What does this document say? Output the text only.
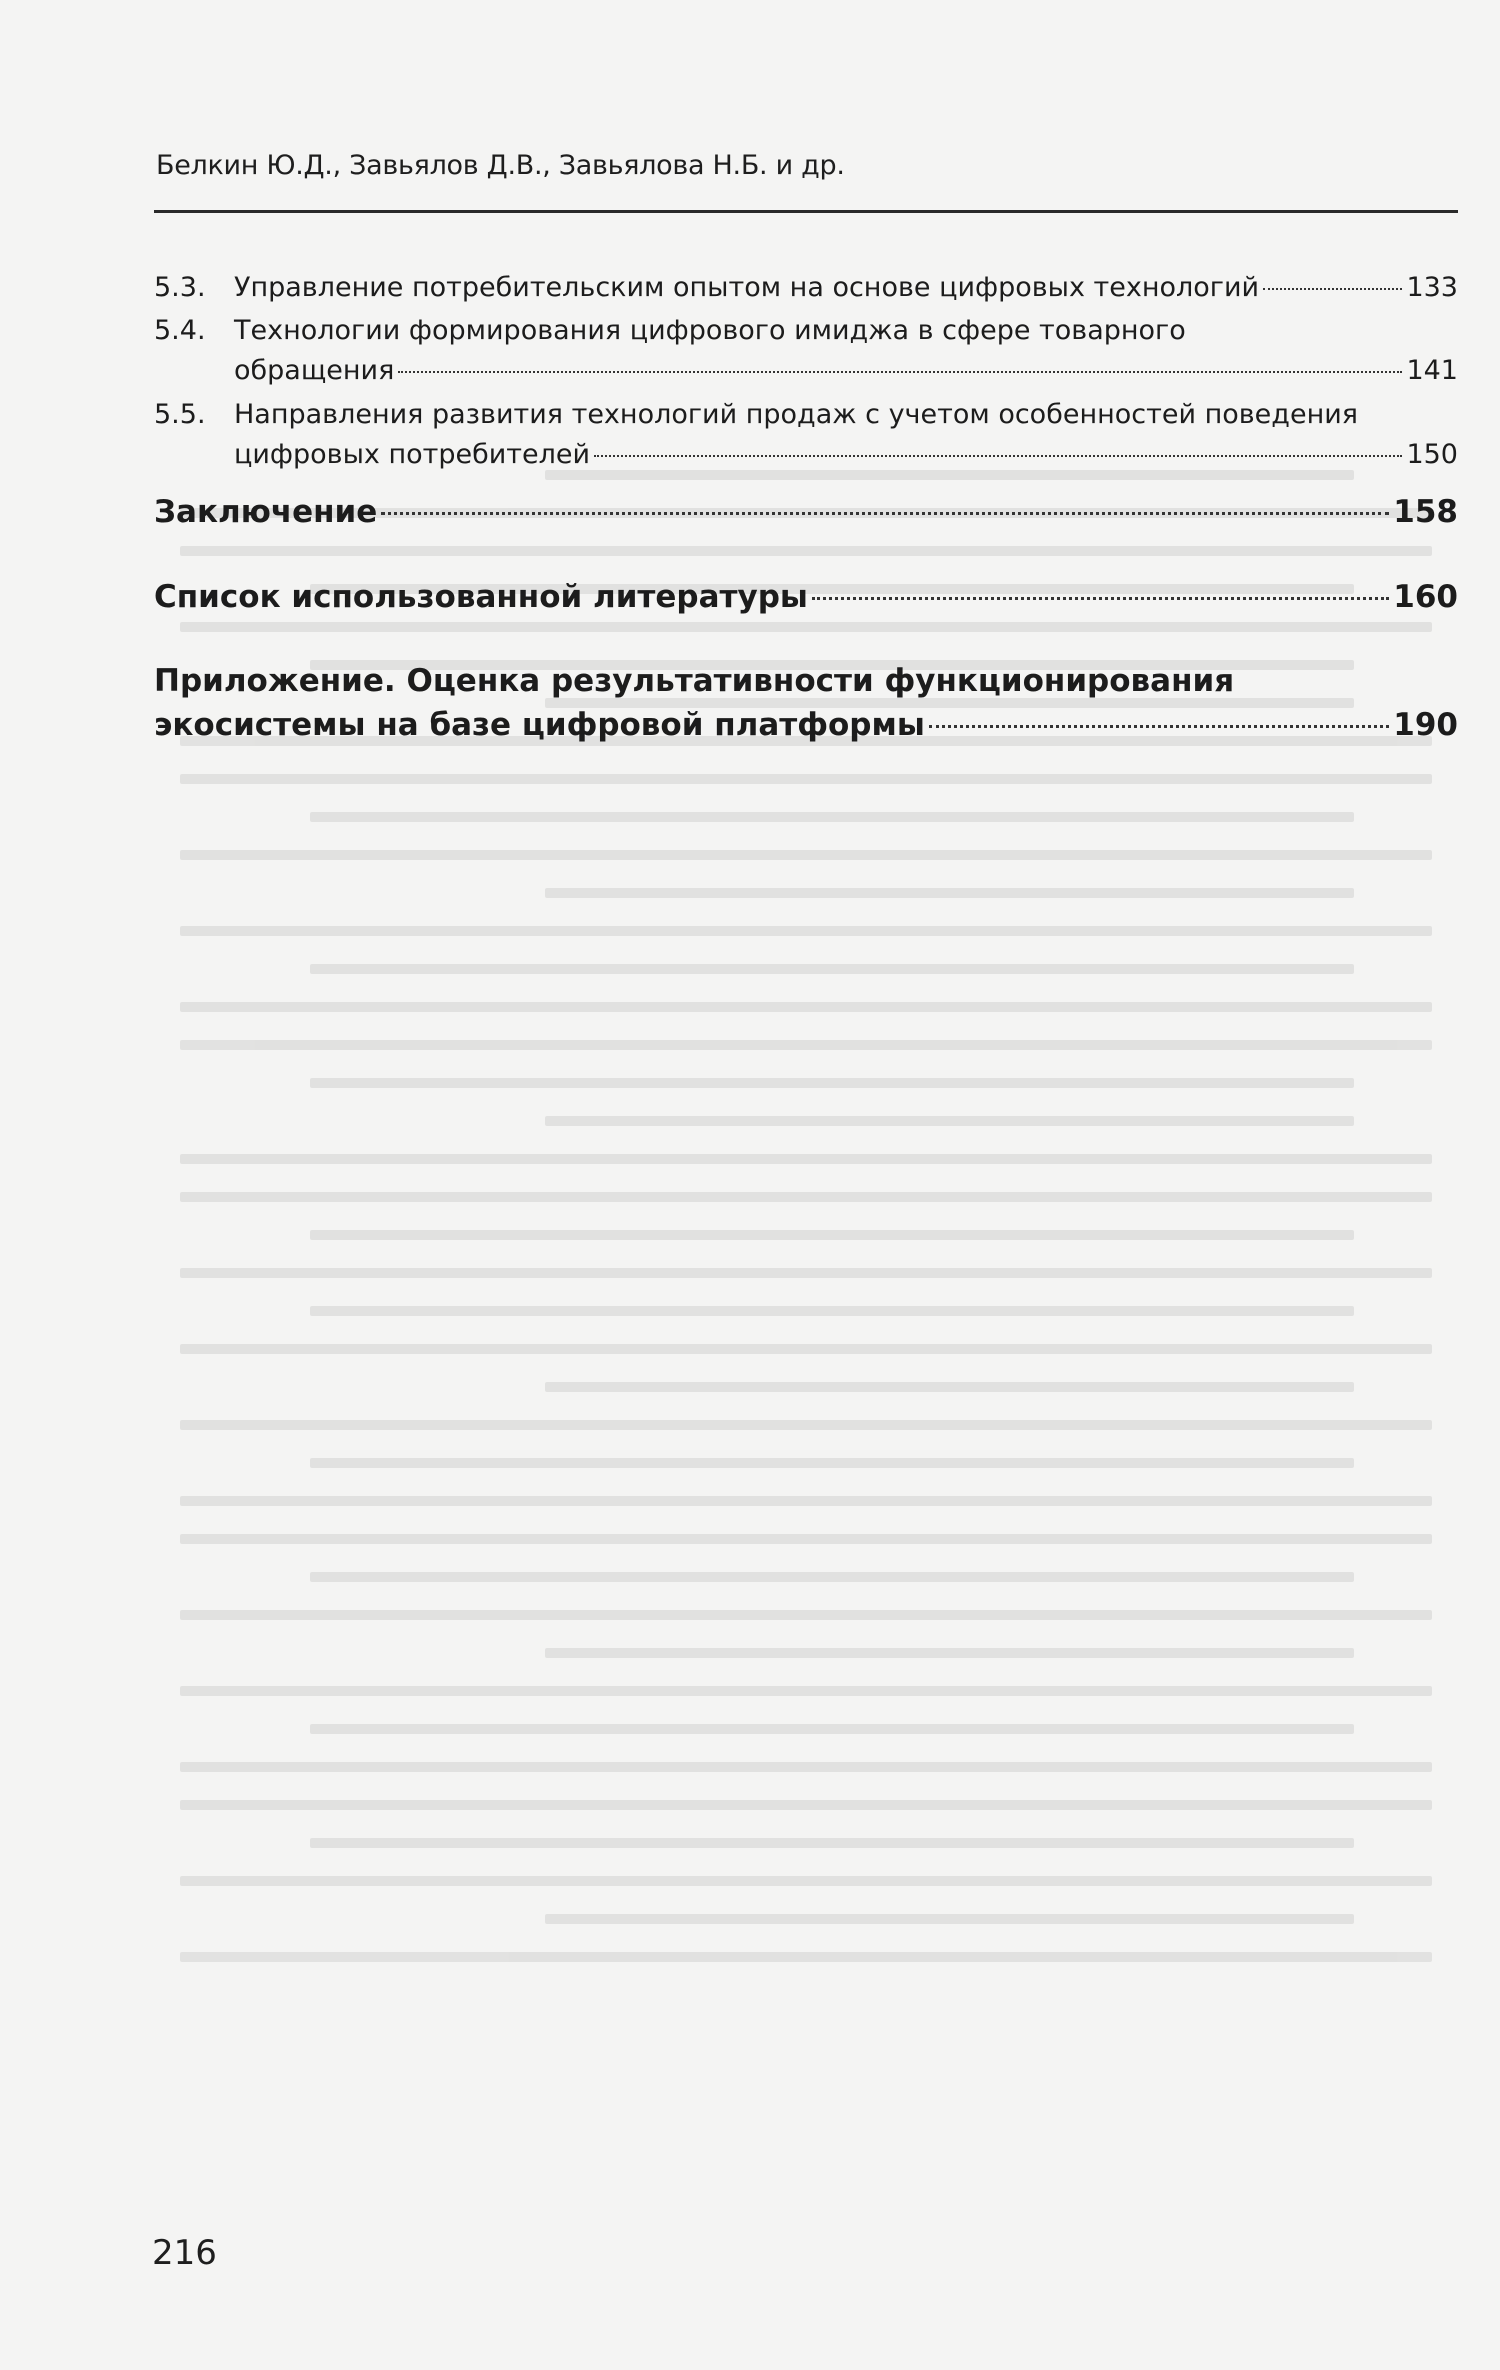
Белкин Ю.Д., Завьялов Д.В., Завьялова Н.Б. и др.
5.3.	Управление потребительским опытом на основе цифровых технологий	133
5.4.	Технологии формирования цифрового имиджа в сфере товарного
обращения	141
5.5.	Направления развития технологий продаж с учетом особенностей поведения
цифровых потребителей	150
Заключение	158
Список использованной литературы	160
Приложение. Оценка результативности функционирования
экосистемы на базе цифровой платформы	190
216
